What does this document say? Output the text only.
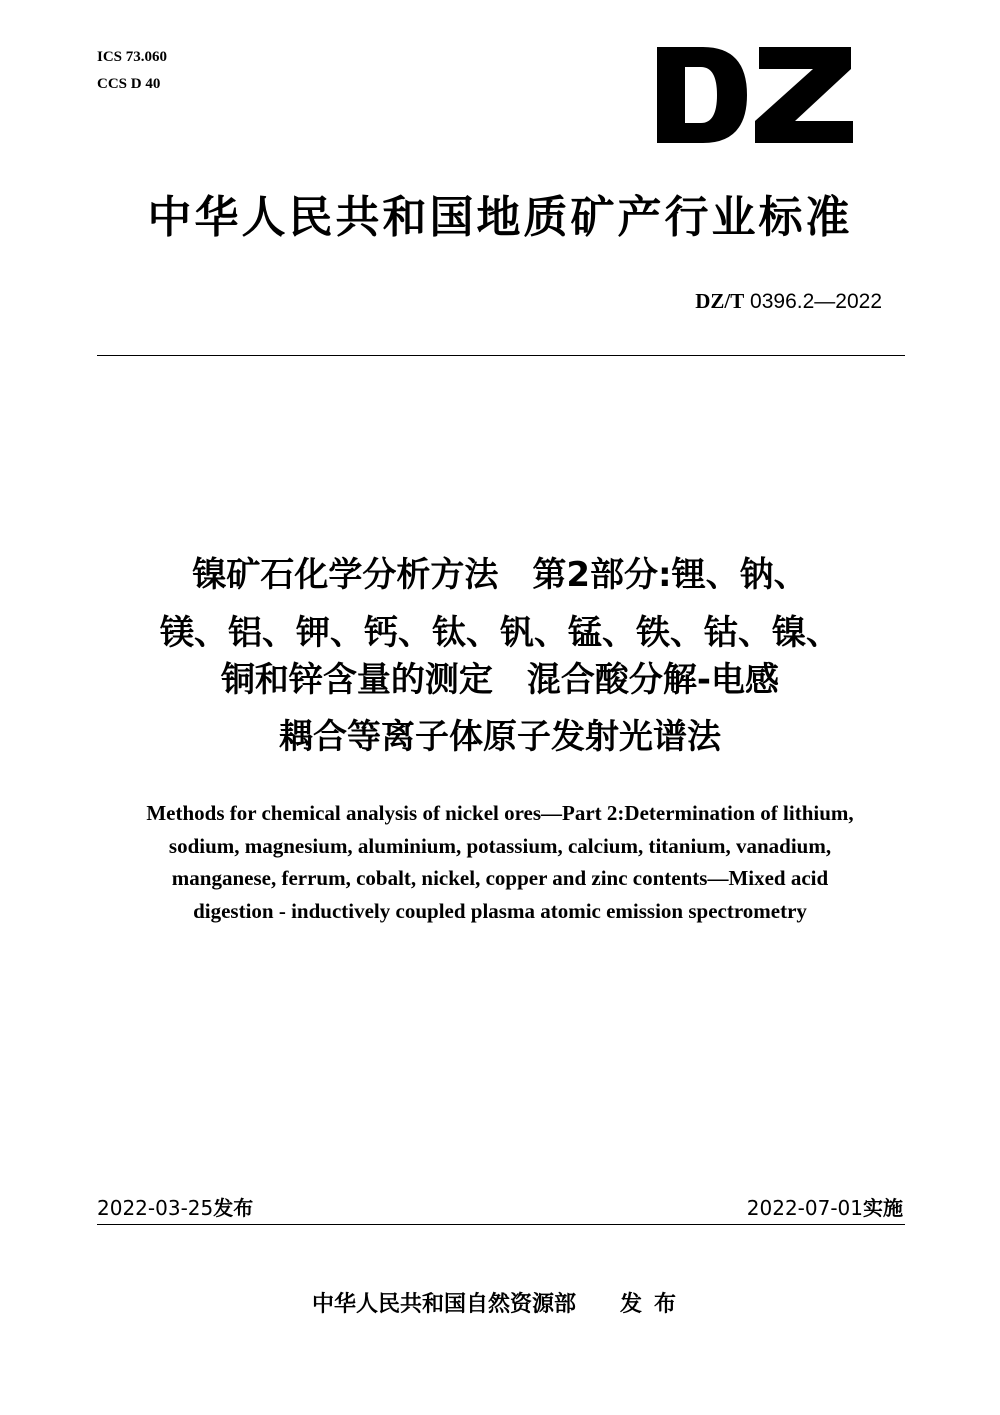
ICS 73.060
CCS D 40
中华人民共和国地质矿产行业标准
DZ/T 0396.2—2022
镍矿石化学分析方法　第2部分:锂、钠、
镁、铝、钾、钙、钛、钒、锰、铁、钴、镍、
铜和锌含量的测定　混合酸分解-电感
耦合等离子体原子发射光谱法
Methods for chemical analysis of nickel ores—Part 2:Determination of lithium,
sodium, magnesium, aluminium, potassium, calcium, titanium, vanadium,
manganese, ferrum, cobalt, nickel, copper and zinc contents—Mixed acid
digestion - inductively coupled plasma atomic emission spectrometry
2022-03-25发布	2022-07-01实施
中华人民共和国自然资源部 发布
